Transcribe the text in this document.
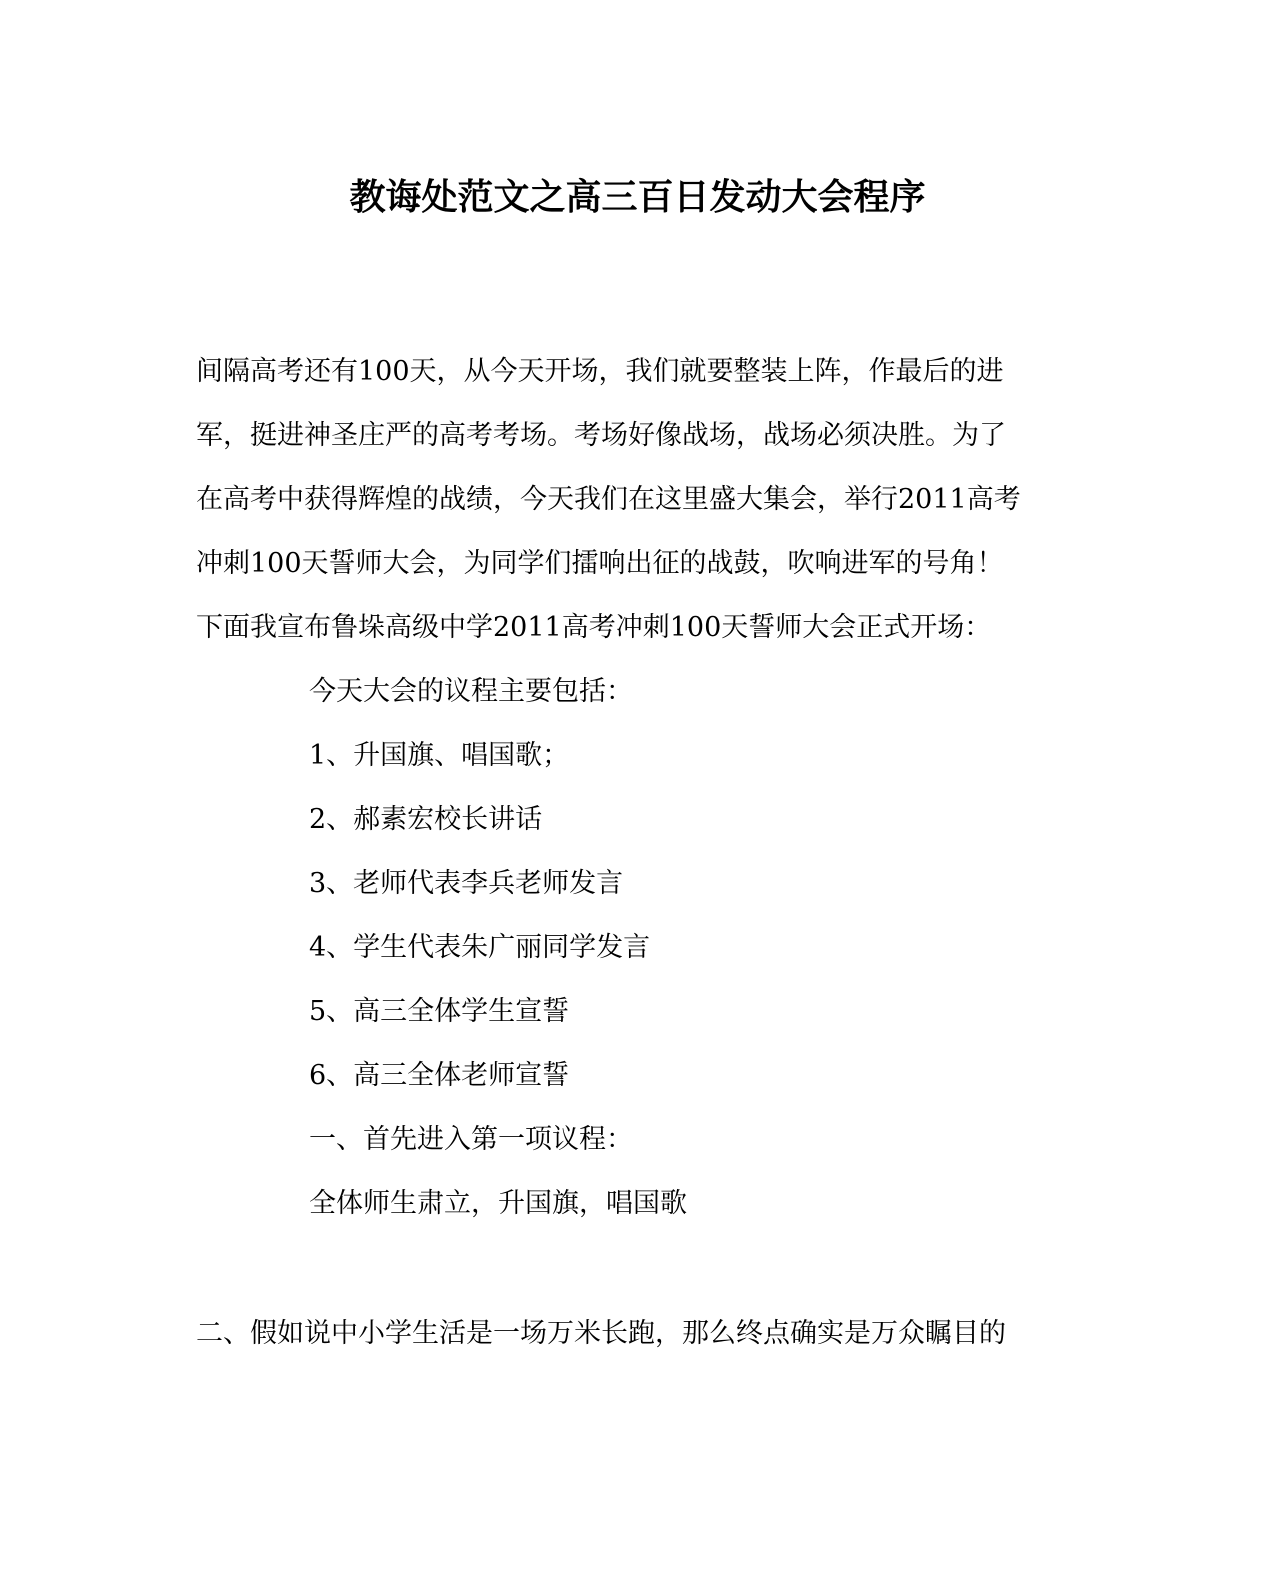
教诲处范文之高三百日发动大会程序
间隔高考还有100天，从今天开场，我们就要整装上阵，作最后的进
军，挺进神圣庄严的高考考场。考场好像战场，战场必须决胜。为了
在高考中获得辉煌的战绩，今天我们在这里盛大集会，举行2011高考
冲刺100天誓师大会，为同学们擂响出征的战鼓，吹响进军的号角！
下面我宣布鲁垛高级中学2011高考冲刺100天誓师大会正式开场：
今天大会的议程主要包括：
1、升国旗、唱国歌；
2、郝素宏校长讲话
3、老师代表李兵老师发言
4、学生代表朱广丽同学发言
5、高三全体学生宣誓
6、高三全体老师宣誓
一、首先进入第一项议程：
全体师生肃立，升国旗，唱国歌
二、假如说中小学生活是一场万米长跑，那么终点确实是万众瞩目的
